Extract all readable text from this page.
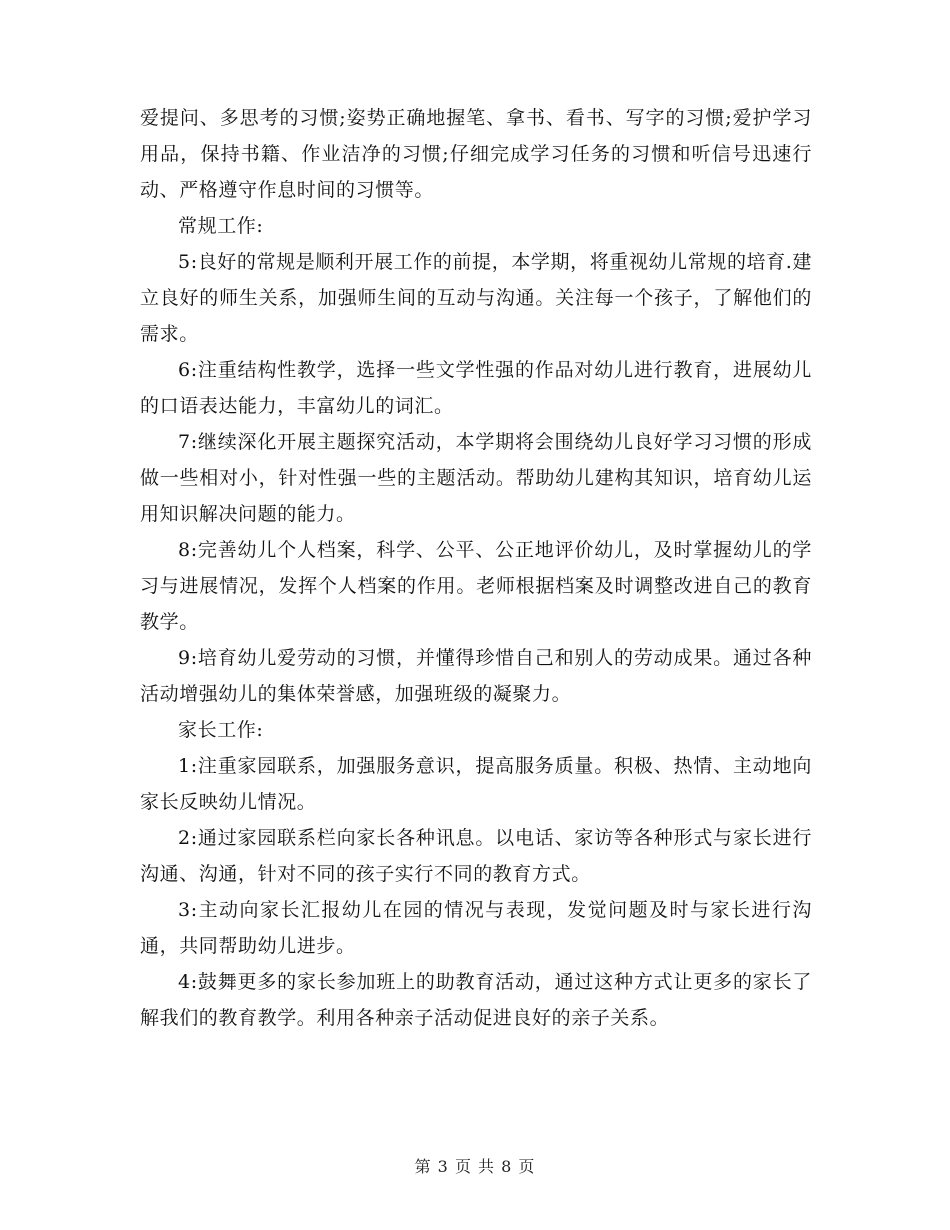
爱提问、多思考的习惯;姿势正确地握笔、拿书、看书、写字的习惯;爱护学习用品，保持书籍、作业洁净的习惯;仔细完成学习任务的习惯和听信号迅速行动、严格遵守作息时间的习惯等。

常规工作:

5:良好的常规是顺利开展工作的前提，本学期，将重视幼儿常规的培育.建立良好的师生关系，加强师生间的互动与沟通。关注每一个孩子，了解他们的需求。

6:注重结构性教学，选择一些文学性强的作品对幼儿进行教育，进展幼儿的口语表达能力，丰富幼儿的词汇。

7:继续深化开展主题探究活动，本学期将会围绕幼儿良好学习习惯的形成做一些相对小，针对性强一些的主题活动。帮助幼儿建构其知识，培育幼儿运用知识解决问题的能力。

8:完善幼儿个人档案，科学、公平、公正地评价幼儿，及时掌握幼儿的学习与进展情况，发挥个人档案的作用。老师根据档案及时调整改进自己的教育教学。

9:培育幼儿爱劳动的习惯，并懂得珍惜自己和别人的劳动成果。通过各种活动增强幼儿的集体荣誉感，加强班级的凝聚力。

家长工作:

1:注重家园联系，加强服务意识，提高服务质量。积极、热情、主动地向家长反映幼儿情况。

2:通过家园联系栏向家长各种讯息。以电话、家访等各种形式与家长进行沟通、沟通，针对不同的孩子实行不同的教育方式。

3:主动向家长汇报幼儿在园的情况与表现，发觉问题及时与家长进行沟通，共同帮助幼儿进步。

4:鼓舞更多的家长参加班上的助教育活动，通过这种方式让更多的家长了解我们的教育教学。利用各种亲子活动促进良好的亲子关系。

第 3 页 共 8 页
